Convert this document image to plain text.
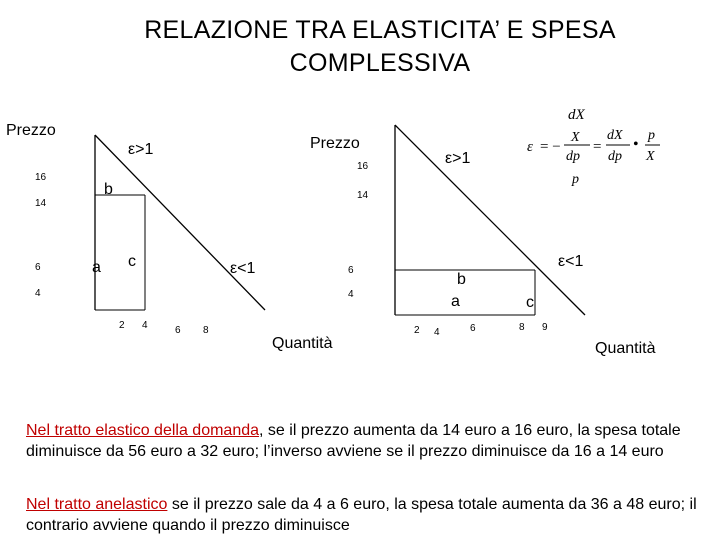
RELAZIONE TRA ELASTICITA’ E SPESA
COMPLESSIVA
Prezzo
16
14
6
4
2 4	6 8
Quantità
ε>1
ε<1
b
a c
Prezzo
16
14
6
4
2 4	6	8 9
Quantità
ε>1
ε<1
b
a	c
ε = −
dX
X
dp
=
dX
dp
•
p
X
p
Nel tratto elastico della domanda, se il prezzo aumenta da 14 euro a 16 euro, la spesa totale diminuisce da 56 euro a 32 euro; l’inverso avviene se il prezzo diminuisce da 16 a 14 euro
Nel tratto anelastico se il prezzo sale da 4 a 6 euro, la spesa totale aumenta da 36 a 48 euro; il contrario avviene quando il prezzo diminuisce
